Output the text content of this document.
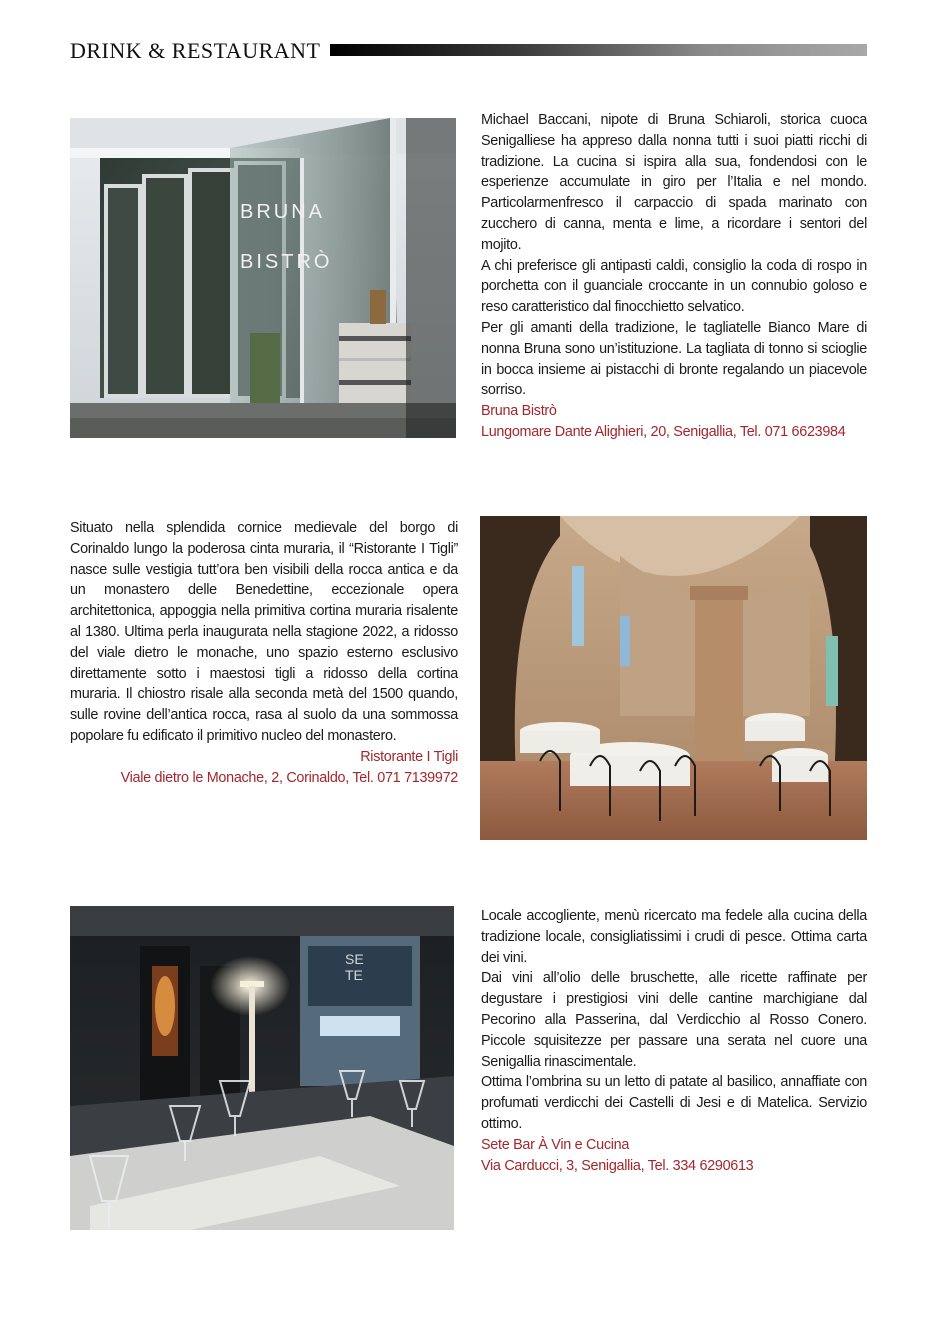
DRINK & RESTAURANT
BRUNA
BISTRÒ

Michael Baccani, nipote di Bruna Schiaroli, storica cuoca Senigalliese ha appreso dalla nonna tutti i suoi piatti ricchi di tradizione. La cucina si ispira alla sua, fondendosi con le esperienze accumulate in giro per l’Italia e nel mondo. Particolarmenfresco il carpaccio di spada marinato con zucchero di canna, menta e lime, a ricordare i sentori del mojito.

A chi preferisce gli antipasti caldi, consiglio la coda di rospo in porchetta con il guanciale croccante in un connubio goloso e reso caratteristico dal finocchietto selvatico.

Per gli amanti della tradizione, le tagliatelle Bianco Mare di nonna Bruna sono un’istituzione. La tagliata di tonno si scioglie in bocca insieme ai pistacchi di bronte regalando un piacevole sorriso.

Bruna Bistrò

Lungomare Dante Alighieri, 20, Senigallia, Tel. 071 6623984

Situato nella splendida cornice medievale del borgo di Corinaldo lungo la poderosa cinta muraria, il “Ristorante I Tigli” nasce sulle vestigia tutt’ora ben visibili della rocca antica e da un monastero delle Benedettine, eccezionale opera architettonica, appoggia nella primitiva cortina muraria risalente al 1380. Ultima perla inaugurata nella stagione 2022, a ridosso del viale dietro le monache, uno spazio esterno esclusivo direttamente sotto i maestosi tigli a ridosso della cortina muraria. Il chiostro risale alla seconda metà del 1500 quando, sulle rovine dell’antica rocca, rasa al suolo da una sommossa popolare fu edificato il primitivo nucleo del monastero.

Ristorante I Tigli

Viale dietro le Monache, 2, Corinaldo, Tel. 071 7139972

SE
TE

Locale accogliente, menù ricercato ma fedele alla cucina della tradizione locale, consigliatissimi i crudi di pesce. Ottima carta dei vini.

Dai vini all’olio delle bruschette, alle ricette raffinate per degustare i prestigiosi vini delle cantine marchigiane dal Pecorino alla Passerina, dal Verdicchio al Rosso Conero. Piccole squisitezze per passare una serata nel cuore una Senigallia rinascimentale.

Ottima l’ombrina su un letto di patate al basilico, annaffiate con profumati verdicchi dei Castelli di Jesi e di Matelica. Servizio ottimo.

Sete Bar À Vin e Cucina

Via Carducci, 3, Senigallia, Tel. 334 6290613
